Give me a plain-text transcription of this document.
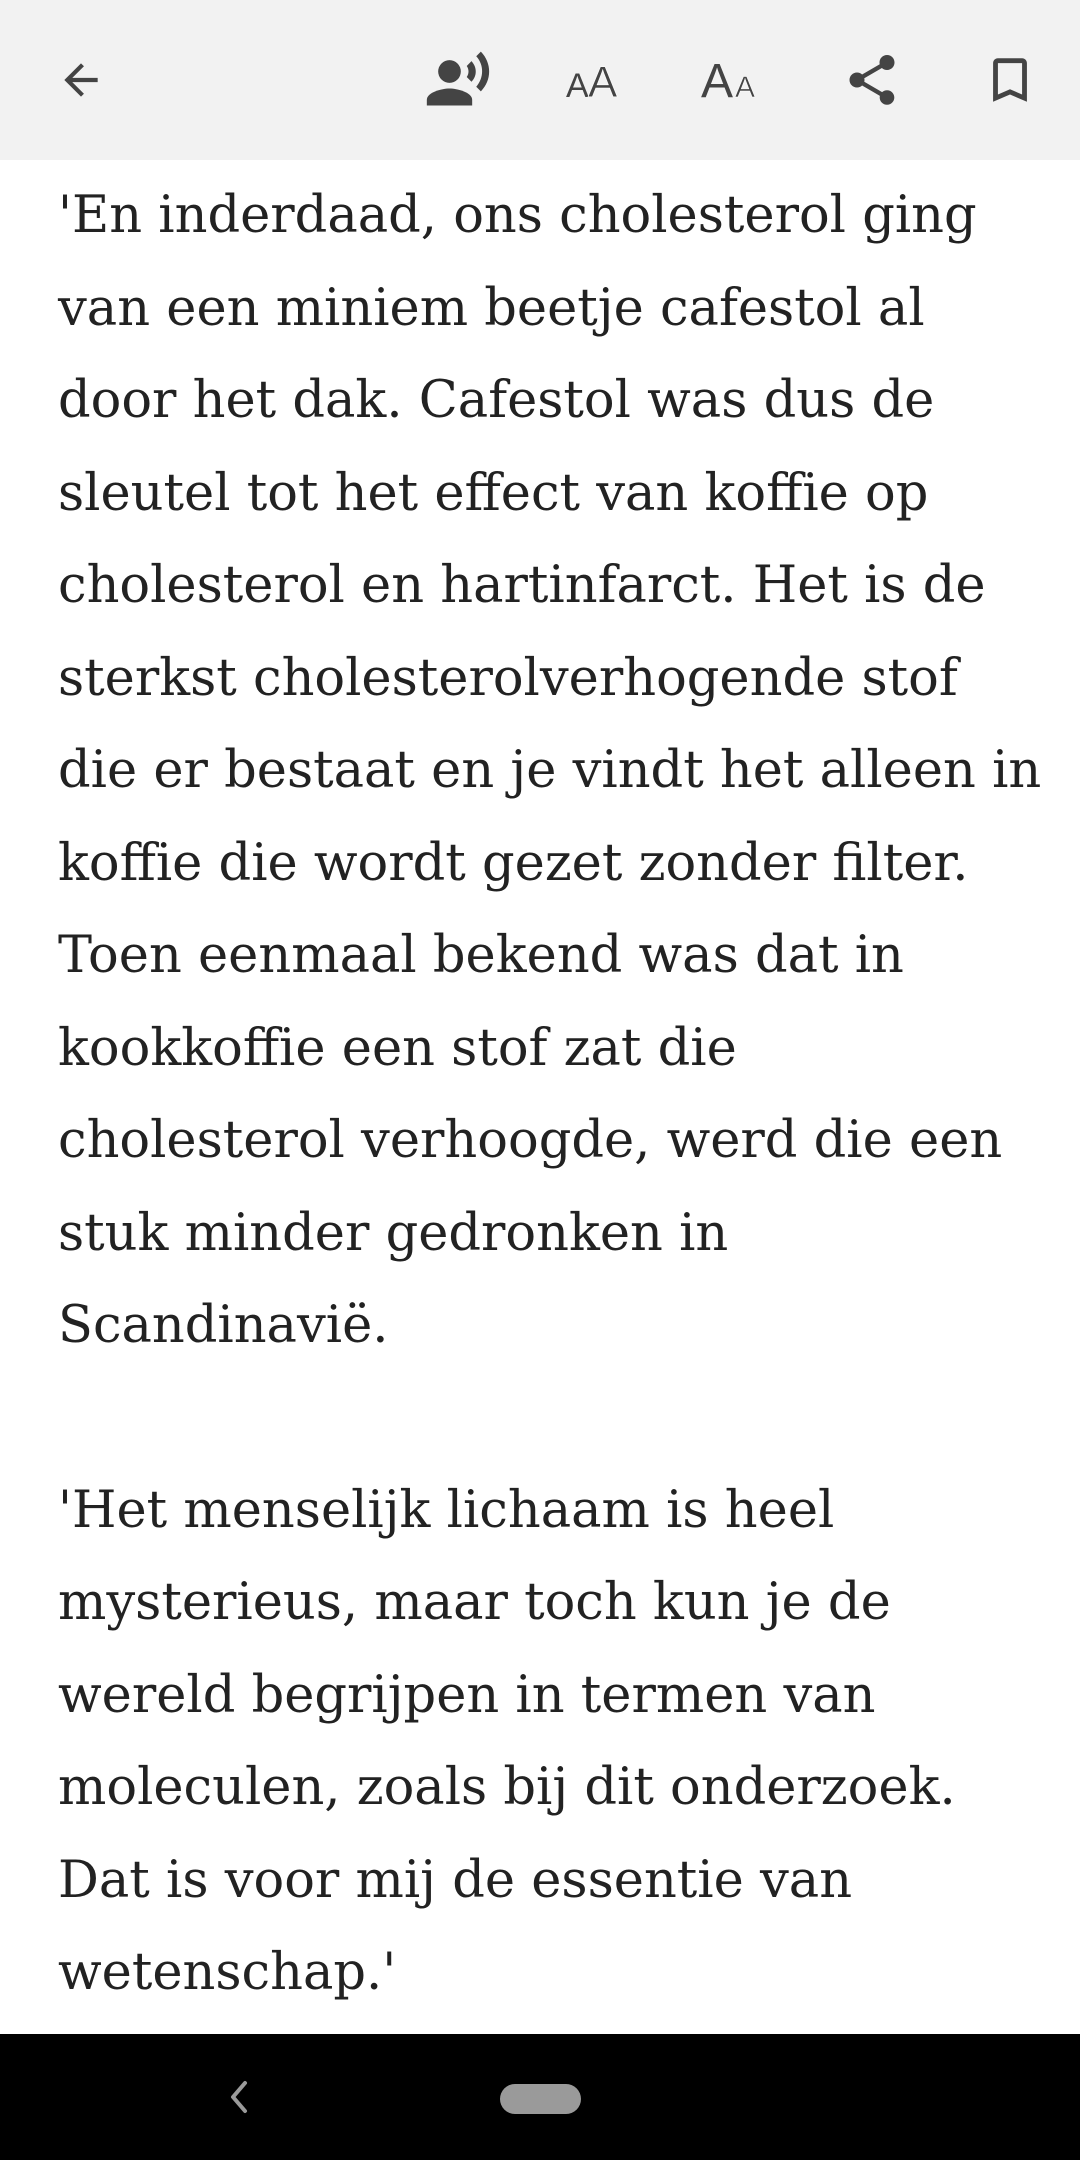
A A A A

'En inderdaad, ons cholesterol ging
van een miniem beetje cafestol al
door het dak. Cafestol was dus de
sleutel tot het effect van koffie op
cholesterol en hartinfarct. Het is de
sterkst cholesterolverhogende stof
die er bestaat en je vindt het alleen in
koffie die wordt gezet zonder filter.
Toen eenmaal bekend was dat in
kookkoffie een stof zat die
cholesterol verhoogde, werd die een
stuk minder gedronken in
Scandinavië.

'Het menselijk lichaam is heel
mysterieus, maar toch kun je de
wereld begrijpen in termen van
moleculen, zoals bij dit onderzoek.
Dat is voor mij de essentie van
wetenschap.'
